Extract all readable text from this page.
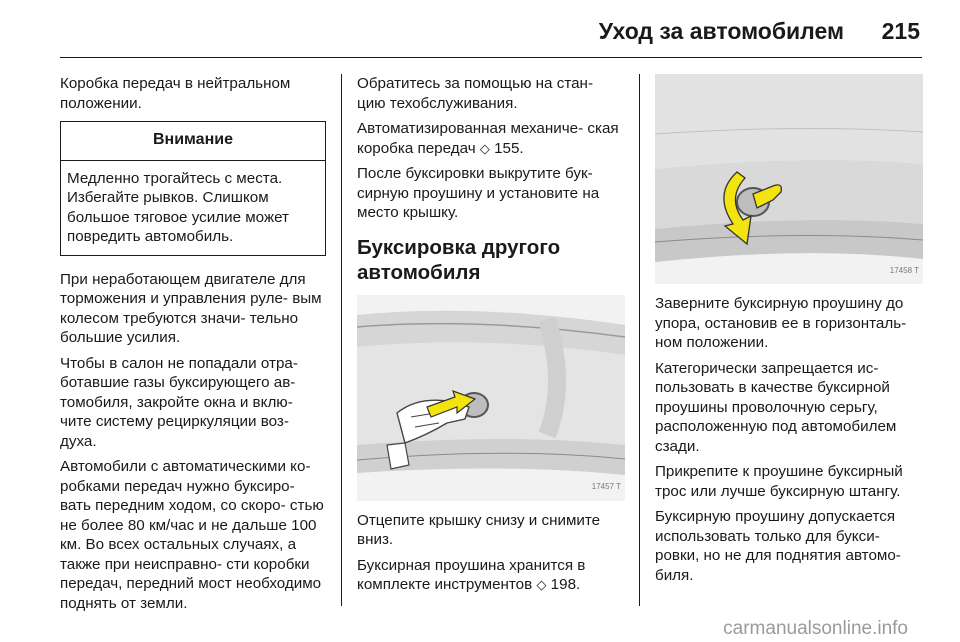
Уход за автомобилем 215
Коробка передач в нейтральном положении.
Внимание
Медленно трогайтесь с места. Избегайте рывков. Слишком большое тяговое усилие может повредить автомобиль.
При неработающем двигателе для торможения и управления руле- вым колесом требуются значи- тельно большие усилия.
Чтобы в салон не попадали отра- ботавшие газы буксирующего ав- томобиля, закройте окна и вклю- чите систему рециркуляции воз- духа.
Автомобили с автоматическими ко- робками передач нужно буксиро- вать передним ходом, со скоро- стью не более 80 км/час и не дальше 100 км. Во всех остальных случаях, а также при неисправно- сти коробки передач, передний мост необходимо поднять от земли.
Обратитесь за помощью на стан- цию техобслуживания.
Автоматизированная механиче- ская коробка передач ◇ 155.
После буксировки выкрутите бук- сирную проушину и установите на место крышку.
Буксировка другого автомобиля
17457 T
Отцепите крышку снизу и снимите вниз.
Буксирная проушина хранится в комплекте инструментов ◇ 198.
17458 T
Заверните буксирную проушину до упора, остановив ее в горизонталь- ном положении.
Категорически запрещается ис- пользовать в качестве буксирной проушины проволочную серьгу, расположенную под автомобилем сзади.
Прикрепите к проушине буксирный трос или лучше буксирную штангу.
Буксирную проушину допускается использовать только для букси- ровки, но не для поднятия автомо- биля.
carmanualsonline.info
